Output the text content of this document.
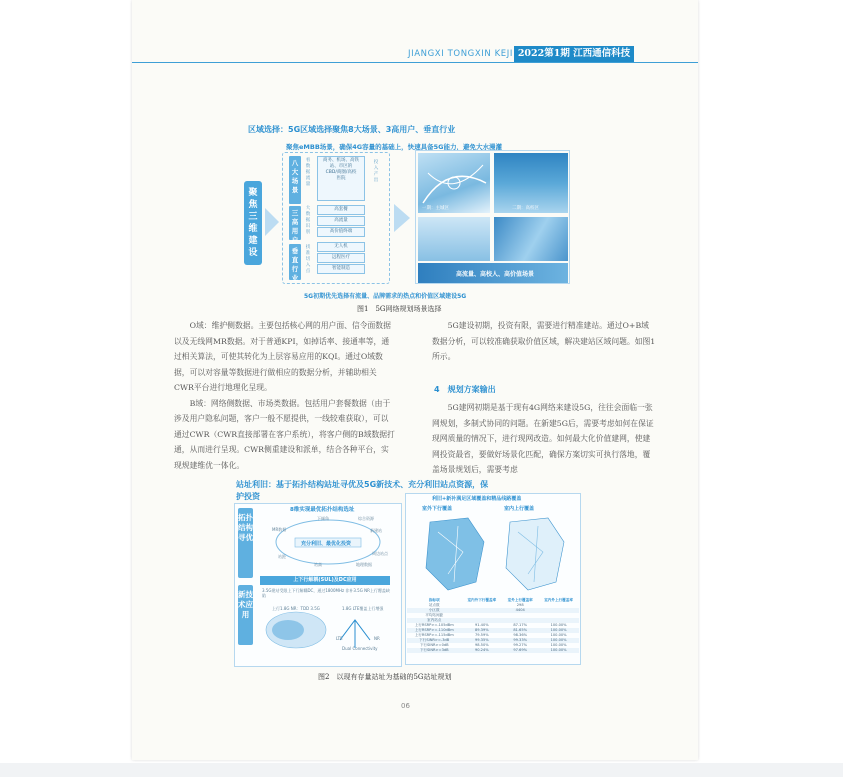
JIANGXI TONGXIN KEJI 2022第1期 江西通信科技
区域选择：5G区域选择聚焦8大场景、3高用户、垂直行业
聚焦eMBB场景，确保4G容量的基础上，快速具备5G能力，避免大水漫灌
聚焦三维建设
八大场景
看数据流量
商务、机场、高铁
站、市区的
CBD/商圈/高校
医院
投入产出
三高用户
大数据识别
高套餐
高流量
高价值终端
垂直行业
找准切入点
无人机
远程医疗
智能制造
一期：主城区	二期：高校区
高流量、高校人、高价值场景
5G初期优先选择有流量、品牌需求的热点和价值区域建设5G
图1　5G网络规划场景选择

O域：维护侧数据。主要包括核心网的用户面、信令面数据以及无线网MR数据。对于普通KPI，如掉话率、接通率等，通过相关算法，可使其转化为上层容易应用的KQI。通过O域数据，可以对容量等数据进行做相应的数据分析，并辅助相关CWR平台进行地理化呈现。

B域：网络侧数据、市场类数据。包括用户套餐数据（由于涉及用户隐私问题，客户一般不愿提供，一线较难获取），可以通过CWR（CWR直接部署在客户系统），将客户侧的B域数据打通，从而进行呈现。CWR侧重建设和派单，结合各种平台，实现规建维优一体化。

5G建设初期，投资有限，需要进行精准建站。通过O+B域数据分析，可以较准确获取价值区域，解决建站区域问题。如图1所示。

4　规划方案输出

5G建网初期是基于现有4G网络来建设5G，往往会面临一张网规划，多制式协同的问题。在新建5G后，需要考虑如何在保证现网质量的情况下，进行现网改造。如何最大化价值建网，使建网投资最省，要做好场景化匹配，确保方案切实可执行落地，覆盖场景规划后，需要考虑

站址利旧：基于拓扑结构站址寻优及5G新技术、充分利旧站点资源，保护投资
拓扑结构寻优
新技术应用
8维实现最优拓扑结构选址
充分利旧、最优化投资
MR数据
下倾角
站距
站高
综合资源
新建站
周边站点
地理数据
上下行解耦(SUL)及DC应用
3.5G建站受限上下行解耦DC，通过1800MHz 非补3.5G NR上行覆盖缺陷
上行1.8G NR：TDD 3.5G	1.8G LTE覆盖上行增强
LTE	NR
Dual Connectivity
利旧+新补满足区域覆盖和精品线路覆盖
室外下行覆盖	室内上行覆盖
指标项	室内外下行覆盖率	室外上行覆盖率	室内外上行覆盖率
站点数		298	
小区数		4404	
平均站间距			
室内站点			
上行RSRP>=-105dBm	91.40%	87.17%	100.00%
上行RSRP>=-110dBm	89.39%	81.65%	100.00%
上行RSRP>=-115dBm	79.59%	98.36%	100.00%
下行SINR>=-3dB	99.35%	99.33%	100.00%
下行SINR>=0dB	98.50%	99.27%	100.00%
下行SINR>=3dB	90.24%	97.69%	100.00%
图2　以现有存量站址为基础的5G站址规划
06
